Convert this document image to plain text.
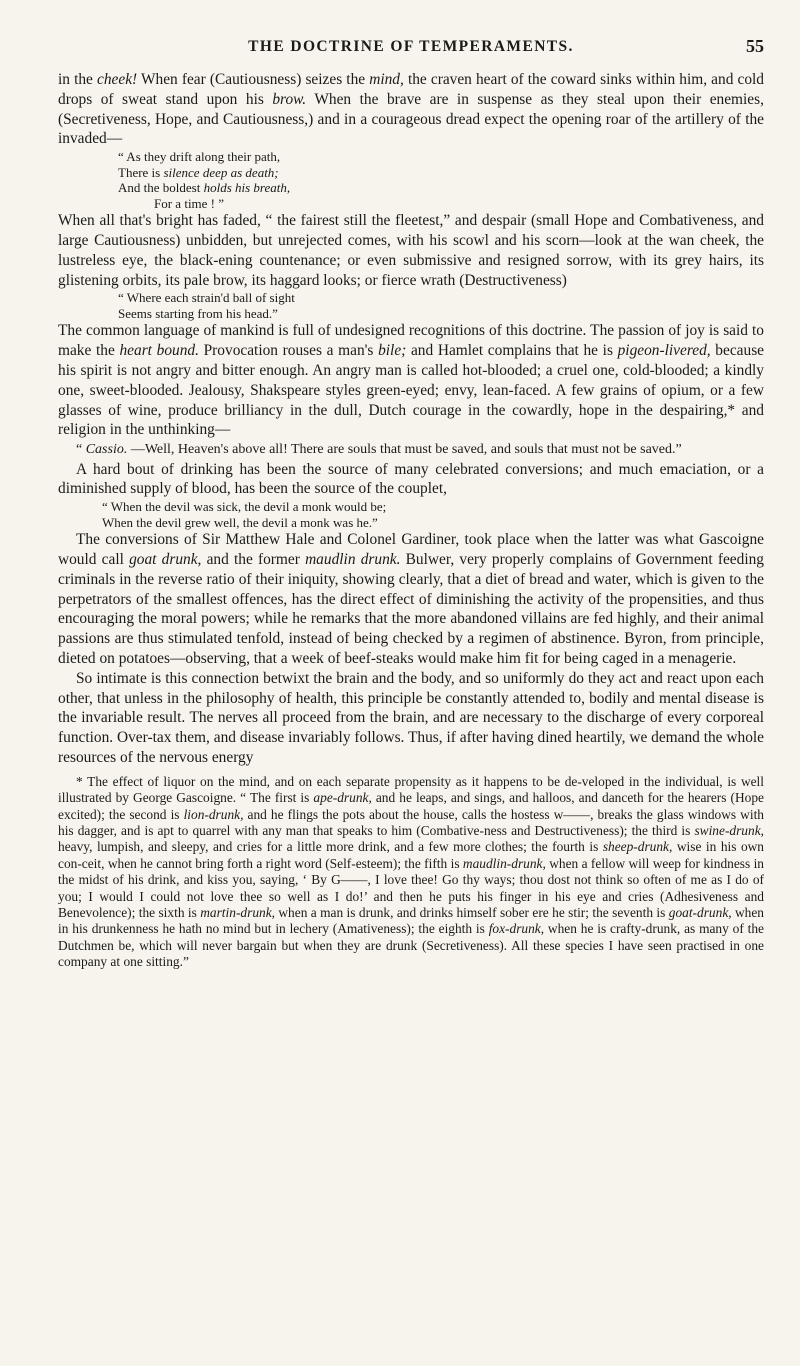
THE DOCTRINE OF TEMPERAMENTS.	55

in the cheek! When fear (Cautiousness) seizes the mind, the craven heart of the coward sinks within him, and cold drops of sweat stand upon his brow. When the brave are in suspense as they steal upon their enemies, (Secretiveness, Hope, and Cautiousness,) and in a courageous dread expect the opening roar of the artillery of the invaded—

“ As they drift along their path,
There is silence deep as death;
And the boldest holds his breath,
For a time ! ”

When all that's bright has faded, “ the fairest still the fleetest,” and despair (small Hope and Combativeness, and large Cautiousness) unbidden, but unrejected comes, with his scowl and his scorn—look at the wan cheek, the lustreless eye, the black-ening countenance; or even submissive and resigned sorrow, with its grey hairs, its glistening orbits, its pale brow, its haggard looks; or fierce wrath (Destructiveness)

“ Where each strain'd ball of sight
Seems starting from his head.”

The common language of mankind is full of undesigned recognitions of this doctrine. The passion of joy is said to make the heart bound. Provocation rouses a man's bile; and Hamlet complains that he is pigeon-livered, because his spirit is not angry and bitter enough. An angry man is called hot-blooded; a cruel one, cold-blooded; a kindly one, sweet-blooded. Jealousy, Shakspeare styles green-eyed; envy, lean-faced. A few grains of opium, or a few glasses of wine, produce brilliancy in the dull, Dutch courage in the cowardly, hope in the despairing,* and religion in the unthinking—

“ Cassio. —Well, Heaven's above all! There are souls that must be saved, and souls that must not be saved.”

A hard bout of drinking has been the source of many celebrated conversions; and much emaciation, or a diminished supply of blood, has been the source of the couplet,

“ When the devil was sick, the devil a monk would be;
When the devil grew well, the devil a monk was he.”

The conversions of Sir Matthew Hale and Colonel Gardiner, took place when the latter was what Gascoigne would call goat drunk, and the former maudlin drunk. Bulwer, very properly complains of Government feeding criminals in the reverse ratio of their iniquity, showing clearly, that a diet of bread and water, which is given to the perpetrators of the smallest offences, has the direct effect of diminishing the activity of the propensities, and thus encouraging the moral powers; while he remarks that the more abandoned villains are fed highly, and their animal passions are thus stimulated tenfold, instead of being checked by a regimen of abstinence. Byron, from principle, dieted on potatoes—observing, that a week of beef-steaks would make him fit for being caged in a menagerie.

So intimate is this connection betwixt the brain and the body, and so uniformly do they act and react upon each other, that unless in the philosophy of health, this principle be constantly attended to, bodily and mental disease is the invariable result. The nerves all proceed from the brain, and are necessary to the discharge of every corporeal function. Over-tax them, and disease invariably follows. Thus, if after having dined heartily, we demand the whole resources of the nervous energy

* The effect of liquor on the mind, and on each separate propensity as it happens to be de-veloped in the individual, is well illustrated by George Gascoigne. “ The first is ape-drunk, and he leaps, and sings, and halloos, and danceth for the hearers (Hope excited); the second is lion-drunk, and he flings the pots about the house, calls the hostess w——, breaks the glass windows with his dagger, and is apt to quarrel with any man that speaks to him (Combative-ness and Destructiveness); the third is swine-drunk, heavy, lumpish, and sleepy, and cries for a little more drink, and a few more clothes; the fourth is sheep-drunk, wise in his own con-ceit, when he cannot bring forth a right word (Self-esteem); the fifth is maudlin-drunk, when a fellow will weep for kindness in the midst of his drink, and kiss you, saying, ‘ By G——, I love thee! Go thy ways; thou dost not think so often of me as I do of you; I would I could not love thee so well as I do!’ and then he puts his finger in his eye and cries (Adhesiveness and Benevolence); the sixth is martin-drunk, when a man is drunk, and drinks himself sober ere he stir; the seventh is goat-drunk, when in his drunkenness he hath no mind but in lechery (Amativeness); the eighth is fox-drunk, when he is crafty-drunk, as many of the Dutchmen be, which will never bargain but when they are drunk (Secretiveness). All these species I have seen practised in one company at one sitting.”
